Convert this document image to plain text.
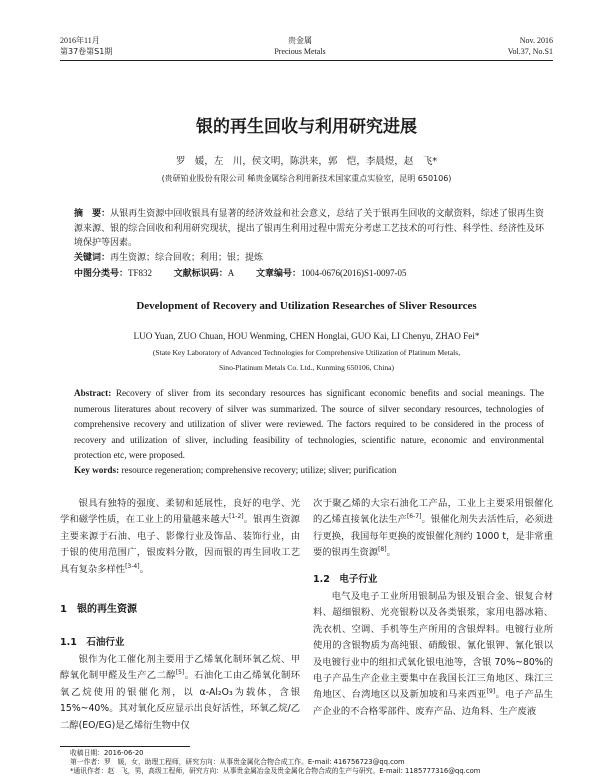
2016年11月
第37卷第S1期
贵金属
Precious Metals
Nov. 2016
Vol.37, No.S1
银的再生回收与利用研究进展
罗　媛，左　川，侯文明，陈洪来，郭　恺，李晨煜，赵　飞*
(贵研铂业股份有限公司 稀贵金属综合利用新技术国家重点实验室，昆明 650106)
摘　要：从银再生资源中回收银具有显著的经济效益和社会意义，总结了关于银再生回收的文献资料，综述了银再生资源来源、银的综合回收和利用研究现状，提出了银再生利用过程中需充分考虑工艺技术的可行性、科学性、经济性及环境保护等因素。
关键词：再生资源；综合回收；利用；银；提炼
中图分类号：TF832 文献标识码：A 文章编号：1004-0676(2016)S1-0097-05
Development of Recovery and Utilization Researches of Sliver Resources
LUO Yuan, ZUO Chuan, HOU Wenming, CHEN Honglai, GUO Kai, LI Chenyu, ZHAO Fei*
(State Key Laboratory of Advanced Technologies for Comprehensive Utilization of Platinum Metals,
Sino-Platinum Metals Co. Ltd., Kunming 650106, China)
Abstract: Recovery of sliver from its secondary resources has significant economic benefits and social meanings. The numerous literatures about recovery of silver was summarized. The source of silver secondary resources, technologies of comprehensive recovery and utilization of sliver were reviewed. The factors required to be considered in the process of recovery and utilization of sliver, including feasibility of technologies, scientific nature, economic and environmental protection etc, were proposed.
Key words: resource regeneration; comprehensive recovery; utilize; sliver; purification
银具有独特的强度、柔韧和延展性，良好的电学、光学和磁学性质，在工业上的用量越来越大[1-2]。银再生资源主要来源于石油、电子、影像行业及饰品、装饰行业，由于银的使用范围广，银废料分散，因而银的再生回收工艺具有复杂多样性[3-4]。
1　银的再生资源
1.1　石油行业
银作为化工催化剂主要用于乙烯氧化制环氧乙烷、甲醇氧化制甲醛及生产乙二醇[5]。石油化工由乙烯氧化制环氧乙烷使用的银催化剂，以 α-Al₂O₃为载体，含银 15%~40%。其对氧化反应显示出良好活性，环氧乙烷/乙二醇(EO/EG)是乙烯衍生物中仅
次于聚乙烯的大宗石油化工产品，工业上主要采用银催化的乙烯直接氧化法生产[6-7]。银催化剂失去活性后，必须进行更换，我国每年更换的废银催化剂约 1000 t，是非常重要的银再生资源[8]。
1.2　电子行业
电气及电子工业所用银制品为银及银合金、银复合材料、超细银粉、光亮银粉以及各类银浆，家用电器冰箱、洗衣机、空调、手机等生产所用的含银焊料。电镀行业所使用的含银物质为高纯银、硝酸银、氰化银钾、氰化银以及电镀行业中的组扣式氧化银电池等，含银 70%~80%的电子产品生产企业主要集中在我国长江三角地区、珠江三角地区、台湾地区以及新加坡和马来西亚[9]。电子产品生产企业的不合格零部件、废弃产品、边角料、生产废液
收稿日期：2016-06-20
第一作者：罗　媛，女，助理工程师，研究方向：从事贵金属化合物合成工作。E-mail: 416756723@qq.com
*通讯作者：赵　飞，男，高级工程师，研究方向：从事贵金属冶金及贵金属化合物合成的生产与研究。E-mail: 1185777316@qq.com
